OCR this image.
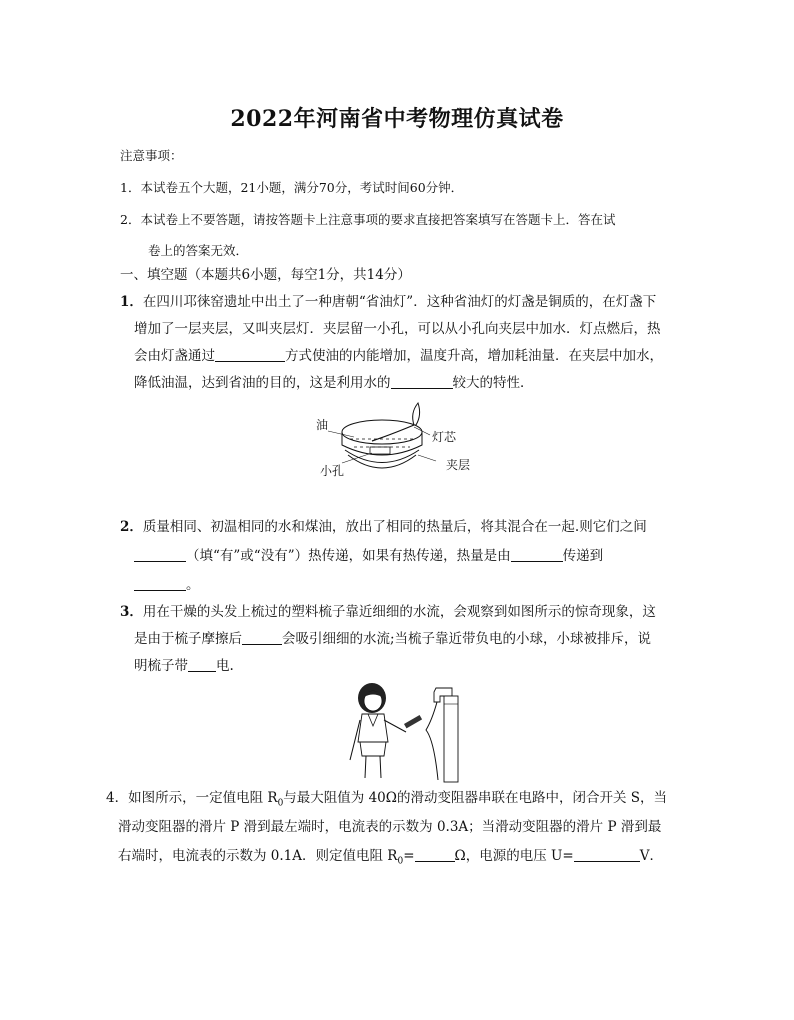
2022年河南省中考物理仿真试卷
注意事项：
1．本试卷五个大题，21小题，满分70分，考试时间60分钟．
2．本试卷上不要答题，请按答题卡上注意事项的要求直接把答案填写在答题卡上．答在试
卷上的答案无效．
一、填空题（本题共6小题，每空1分，共14分）
1．在四川邛徕窑遗址中出土了一种唐朝“省油灯”．这种省油灯的灯盏是铜质的，在灯盏下
增加了一层夹层，又叫夹层灯．夹层留一小孔，可以从小孔向夹层中加水．灯点燃后，热
会由灯盏通过	方式使油的内能增加，温度升高，增加耗油量．在夹层中加水，
降低油温，达到省油的目的，这是利用水的	较大的特性．
油
灯芯
小孔	夹层
2．质量相同、初温相同的水和煤油，放出了相同的热量后，将其混合在一起.则它们之间
（填“有”或“没有”）热传递，如果有热传递，热量是由	传递到
。
3．用在干燥的头发上梳过的塑料梳子靠近细细的水流，会观察到如图所示的惊奇现象，这
是由于梳子摩擦后	会吸引细细的水流;当梳子靠近带负电的小球，小球被排斥，说
明梳子带 电.
4．如图所示，一定值电阻 $R_0$与最大阻值为 40Ω的滑动变阻器串联在电路中，闭合开关 S，当
滑动变阻器的滑片 P 滑到最左端时，电流表的示数为 0.3A；当滑动变阻器的滑片 P 滑到最
右端时，电流表的示数为 0.1A．则定值电阻 $R_0=$	Ω，电源的电压 U=	V．
